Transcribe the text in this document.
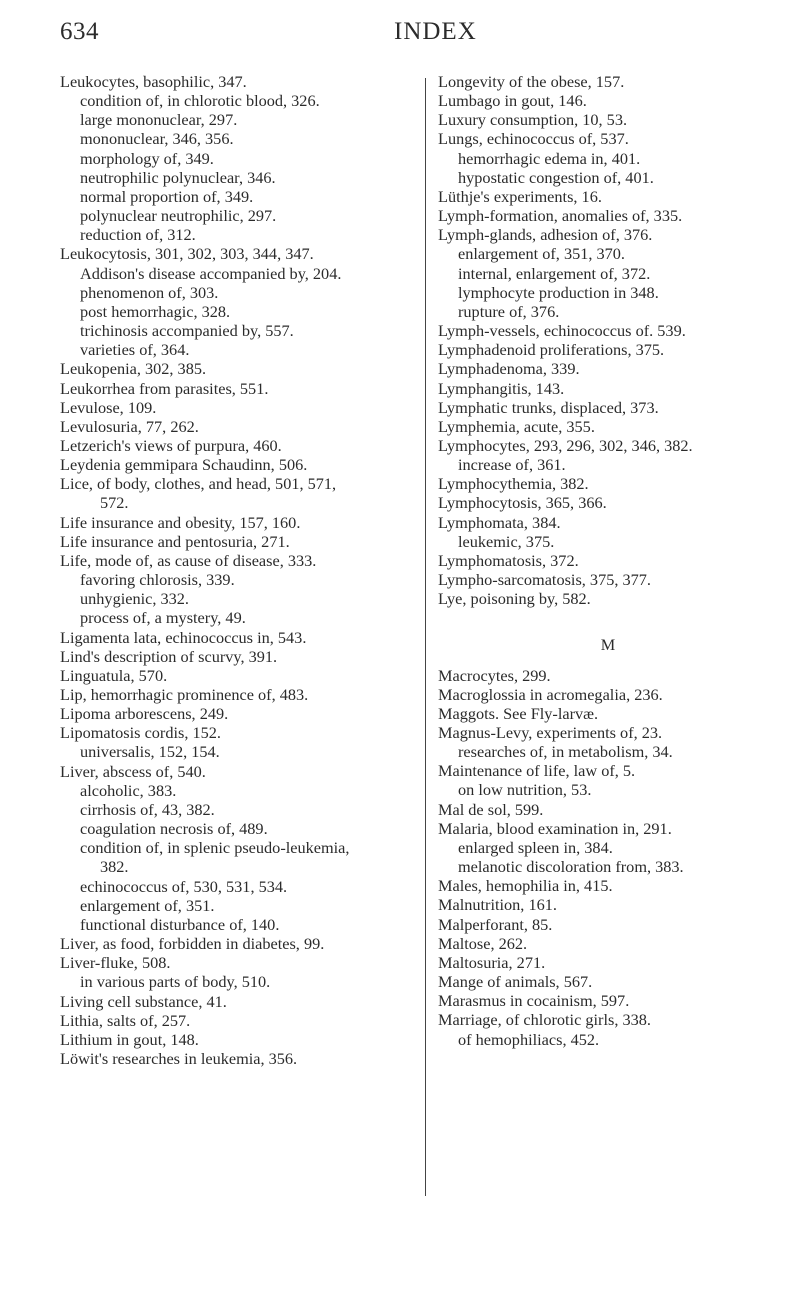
634	INDEX
Leukocytes, basophilic, 347.
condition of, in chlorotic blood, 326.
large mononuclear, 297.
mononuclear, 346, 356.
morphology of, 349.
neutrophilic polynuclear, 346.
normal proportion of, 349.
polynuclear neutrophilic, 297.
reduction of, 312.
Leukocytosis, 301, 302, 303, 344, 347.
Addison's disease accompanied by, 204.
phenomenon of, 303.
post hemorrhagic, 328.
trichinosis accompanied by, 557.
varieties of, 364.
Leukopenia, 302, 385.
Leukorrhea from parasites, 551.
Levulose, 109.
Levulosuria, 77, 262.
Letzerich's views of purpura, 460.
Leydenia gemmipara Schaudinn, 506.
Lice, of body, clothes, and head, 501, 571,
572.
Life insurance and obesity, 157, 160.
Life insurance and pentosuria, 271.
Life, mode of, as cause of disease, 333.
favoring chlorosis, 339.
unhygienic, 332.
process of, a mystery, 49.
Ligamenta lata, echinococcus in, 543.
Lind's description of scurvy, 391.
Linguatula, 570.
Lip, hemorrhagic prominence of, 483.
Lipoma arborescens, 249.
Lipomatosis cordis, 152.
universalis, 152, 154.
Liver, abscess of, 540.
alcoholic, 383.
cirrhosis of, 43, 382.
coagulation necrosis of, 489.
condition of, in splenic pseudo-leukemia,
382.
echinococcus of, 530, 531, 534.
enlargement of, 351.
functional disturbance of, 140.
Liver, as food, forbidden in diabetes, 99.
Liver-fluke, 508.
in various parts of body, 510.
Living cell substance, 41.
Lithia, salts of, 257.
Lithium in gout, 148.
Löwit's researches in leukemia, 356.
Longevity of the obese, 157.
Lumbago in gout, 146.
Luxury consumption, 10, 53.
Lungs, echinococcus of, 537.
hemorrhagic edema in, 401.
hypostatic congestion of, 401.
Lüthje's experiments, 16.
Lymph-formation, anomalies of, 335.
Lymph-glands, adhesion of, 376.
enlargement of, 351, 370.
internal, enlargement of, 372.
lymphocyte production in 348.
rupture of, 376.
Lymph-vessels, echinococcus of. 539.
Lymphadenoid proliferations, 375.
Lymphadenoma, 339.
Lymphangitis, 143.
Lymphatic trunks, displaced, 373.
Lymphemia, acute, 355.
Lymphocytes, 293, 296, 302, 346, 382.
increase of, 361.
Lymphocythemia, 382.
Lymphocytosis, 365, 366.
Lymphomata, 384.
leukemic, 375.
Lymphomatosis, 372.
Lympho-sarcomatosis, 375, 377.
Lye, poisoning by, 582.
M
Macrocytes, 299.
Macroglossia in acromegalia, 236.
Maggots. See Fly-larvæ.
Magnus-Levy, experiments of, 23.
researches of, in metabolism, 34.
Maintenance of life, law of, 5.
on low nutrition, 53.
Mal de sol, 599.
Malaria, blood examination in, 291.
enlarged spleen in, 384.
melanotic discoloration from, 383.
Males, hemophilia in, 415.
Malnutrition, 161.
Malperforant, 85.
Maltose, 262.
Maltosuria, 271.
Mange of animals, 567.
Marasmus in cocainism, 597.
Marriage, of chlorotic girls, 338.
of hemophiliacs, 452.
